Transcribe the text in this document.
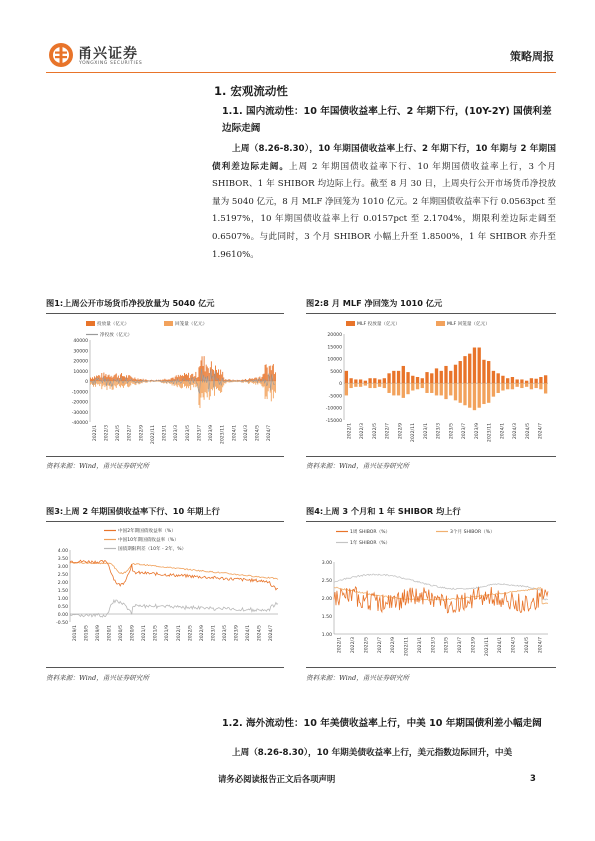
甬兴证券
YONGXING SECURITIES
策略周报
1. 宏观流动性
1.1. 国内流动性：10 年国债收益率上行、2 年期下行，(10Y-2Y) 国债利差边际走阔

上周（8.26-8.30），10 年期国债收益率上行、2 年期下行，10 年期与 2 年期国债利差边际走阔。上周 2 年期国债收益率下行、10 年期国债收益率上行，3 个月 SHIBOR、1 年 SHIBOR 均边际上行。截至 8 月 30 日，上周央行公开市场货币净投放量为 5040 亿元，8 月 MLF 净回笼为 1010 亿元。2 年期国债收益率下行 0.0563pct 至 1.5197%，10 年期国债收益率上行 0.0157pct 至 2.1704%，期限利差边际走阔至 0.6507%。与此同时，3 个月 SHIBOR 小幅上升至 1.8500%，1 年 SHIBOR 亦升至 1.9610%。

图1:上周公开市场货币净投放量为 5040 亿元
投放量（亿元）	回笼量（亿元）
净投放（亿元）
40000
30000
20000
10000
0
-10000
-20000
-30000
-40000
2022/1 2022/3 2022/5 2022/7 2022/9 2022/11 2023/1 2023/3 2023/5 2023/7 2023/9 2023/11 2024/1 2024/3 2024/5 2024/7
资料来源：Wind，甬兴证券研究所
图2:8 月 MLF 净回笼为 1010 亿元
MLF 投放量（亿元）	MLF 回笼量（亿元）
20000
15000
10000
5000
0
-5000
-10000
-15000
2022/1 2022/3 2022/5 2022/7 2022/9 2022/11 2023/1 2023/3 2023/5 2023/7 2023/9 2023/11 2024/1 2024/3 2024/5 2024/7
资料来源：Wind，甬兴证券研究所
图3:上周 2 年期国债收益率下行、10 年期上行
中国2年期国债收益率（%）
中国10年期国债收益率（%）
国债期限利差（10年 - 2年，%）
4.00
3.50
3.00
2.50
2.00
1.50
1.00
0.50
0.00
-0.50
2019/1 2019/5 2019/9 2020/1 2020/5 2020/9 2021/1 2021/5 2021/9 2022/1 2022/5 2022/9 2023/1 2023/5 2023/9 2024/1 2024/5 2024/7
资料来源：Wind，甬兴证券研究所
图4:上周 3 个月和 1 年 SHIBOR 均上行
1周 SHIBOR（%）	3个月 SHIBOR（%）
1年 SHIBOR（%）
3.00
2.50
2.00
1.50
1.00
2022/1 2022/3 2022/5 2022/7 2022/9 2022/11 2023/1 2023/3 2023/5 2023/7 2023/9 2023/11 2024/1 2024/3 2024/5 2024/7
资料来源：Wind，甬兴证券研究所
1.2. 海外流动性：10 年美债收益率上行，中美 10 年期国债利差小幅走阔

上周（8.26-8.30），10 年期美债收益率上行，美元指数边际回升，中美

请务必阅读报告正文后各项声明	3
